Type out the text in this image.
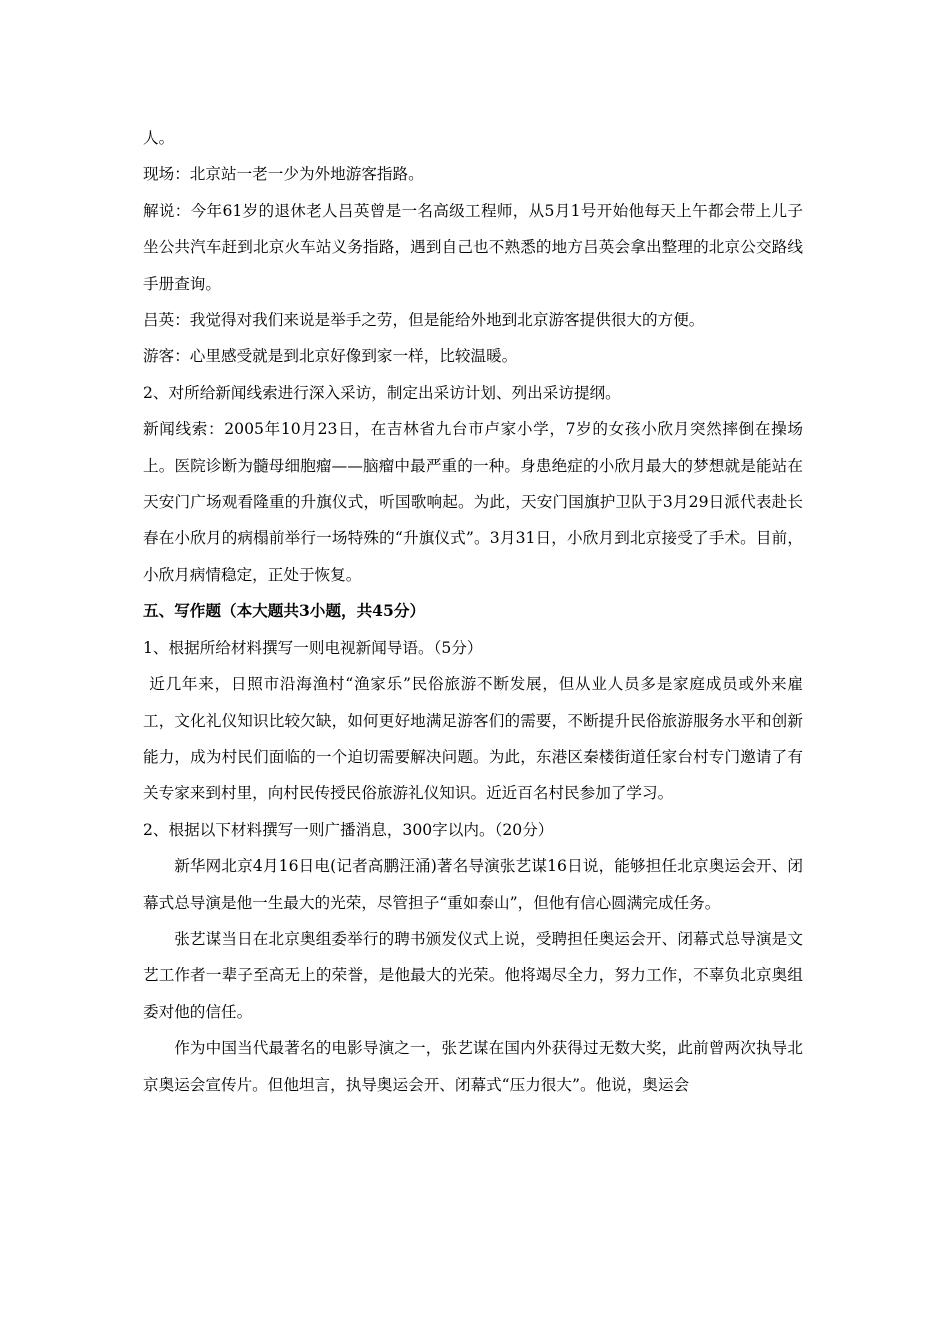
人。

现场：北京站一老一少为外地游客指路。

解说：今年61岁的退休老人吕英曾是一名高级工程师，从5月1号开始他每天上午都会带上儿子坐公共汽车赶到北京火车站义务指路，遇到自己也不熟悉的地方吕英会拿出整理的北京公交路线手册查询。

吕英：我觉得对我们来说是举手之劳，但是能给外地到北京游客提供很大的方便。

游客：心里感受就是到北京好像到家一样，比较温暖。

2、对所给新闻线索进行深入采访，制定出采访计划、列出采访提纲。

新闻线索：2005年10月23日，在吉林省九台市卢家小学，7岁的女孩小欣月突然摔倒在操场上。医院诊断为髓母细胞瘤——脑瘤中最严重的一种。身患绝症的小欣月最大的梦想就是能站在天安门广场观看隆重的升旗仪式，听国歌响起。为此，天安门国旗护卫队于3月29日派代表赴长春在小欣月的病榻前举行一场特殊的“升旗仪式”。3月31日，小欣月到北京接受了手术。目前，小欣月病情稳定，正处于恢复。

五、写作题（本大题共3小题，共45分）

1、根据所给材料撰写一则电视新闻导语。（5分）

近几年来，日照市沿海渔村“渔家乐”民俗旅游不断发展，但从业人员多是家庭成员或外来雇工，文化礼仪知识比较欠缺，如何更好地满足游客们的需要，不断提升民俗旅游服务水平和创新能力，成为村民们面临的一个迫切需要解决问题。为此，东港区秦楼街道任家台村专门邀请了有关专家来到村里，向村民传授民俗旅游礼仪知识。近近百名村民参加了学习。

2、根据以下材料撰写一则广播消息，300字以内。（20分）

新华网北京4月16日电(记者高鹏汪涌)著名导演张艺谋16日说，能够担任北京奥运会开、闭幕式总导演是他一生最大的光荣，尽管担子“重如泰山”，但他有信心圆满完成任务。

张艺谋当日在北京奥组委举行的聘书颁发仪式上说，受聘担任奥运会开、闭幕式总导演是文艺工作者一辈子至高无上的荣誉，是他最大的光荣。他将竭尽全力，努力工作，不辜负北京奥组委对他的信任。

作为中国当代最著名的电影导演之一，张艺谋在国内外获得过无数大奖，此前曾两次执导北京奥运会宣传片。但他坦言，执导奥运会开、闭幕式“压力很大”。他说，奥运会
